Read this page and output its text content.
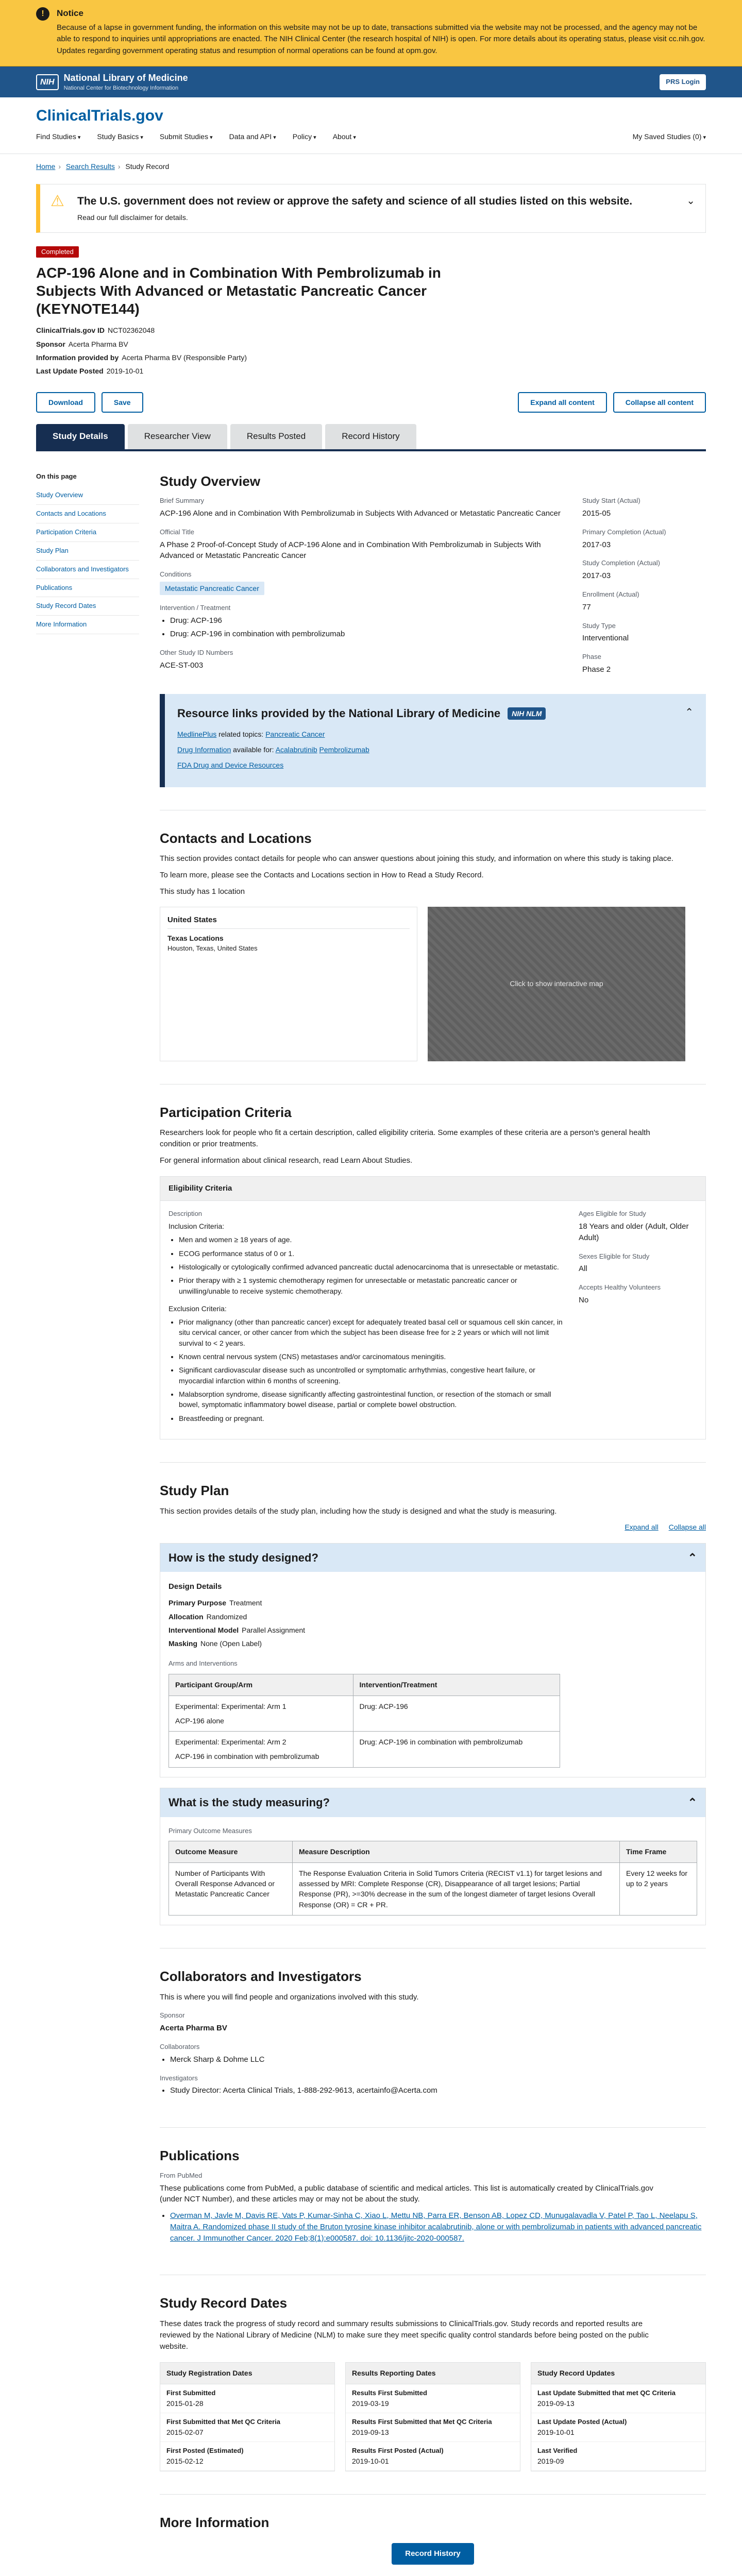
!	Notice

Because of a lapse in government funding, the information on this website may not be up to date, transactions submitted via the website may not be processed, and the agency may not be able to respond to inquiries until appropriations are enacted. The NIH Clinical Center (the research hospital of NIH) is open. For more details about its operating status, please visit cc.nih.gov. Updates regarding government operating status and resumption of normal operations can be found at opm.gov.

NIH	National Library of Medicine
National Center for Biotechnology Information
PRS Login
ClinicalTrials.gov
Find Studies ▾	Study Basics ▾	Submit Studies ▾	Data and API ▾	Policy ▾	About ▾	My Saved Studies (0) ▾
Home › Search Results › Study Record
⚠	The U.S. government does not review or approve the safety and science of all studies listed on this website.

Read our full disclaimer for details.

⌄
Completed
ACP-196 Alone and in Combination With Pembrolizumab in Subjects With Advanced or Metastatic Pancreatic Cancer (KEYNOTE144)
ClinicalTrials.gov ID NCT02362048
Sponsor Acerta Pharma BV
Information provided by Acerta Pharma BV (Responsible Party)
Last Update Posted 2019-10-01
Download	Save	Expand all content	Collapse all content
Study Details	Researcher View	Results Posted	Record History
On this page
Study Overview
Contacts and Locations
Participation Criteria
Study Plan
Collaborators and Investigators
Publications
Study Record Dates
More Information
Study Overview
Brief Summary
ACP-196 Alone and in Combination With Pembrolizumab in Subjects With Advanced or Metastatic Pancreatic Cancer
Official Title
A Phase 2 Proof-of-Concept Study of ACP-196 Alone and in Combination With Pembrolizumab in Subjects With Advanced or Metastatic Pancreatic Cancer
Conditions
Metastatic Pancreatic Cancer
Intervention / Treatment
• Drug: ACP-196
• Drug: ACP-196 in combination with pembrolizumab
Other Study ID Numbers
ACE-ST-003
Study Start (Actual)
2015-05
Primary Completion (Actual)
2017-03
Study Completion (Actual)
2017-03
Enrollment (Actual)
77
Study Type
Interventional
Phase
Phase 2
⌃
Resource links provided by the National Library of Medicine	NIH NLM

MedlinePlus related topics: Pancreatic Cancer

Drug Information available for: Acalabrutinib Pembrolizumab

FDA Drug and Device Resources

Contacts and Locations

This section provides contact details for people who can answer questions about joining this study, and information on where this study is taking place.

To learn more, please see the Contacts and Locations section in How to Read a Study Record.

This study has 1 location

United States
Texas Locations
Houston, Texas, United States
Click to show interactive map
Participation Criteria

Researchers look for people who fit a certain description, called eligibility criteria. Some examples of these criteria are a person's general health condition or prior treatments.

For general information about clinical research, read Learn About Studies.

Eligibility Criteria
Description
Inclusion Criteria:
• Men and women ≥ 18 years of age.
• ECOG performance status of 0 or 1.
• Histologically or cytologically confirmed advanced pancreatic ductal adenocarcinoma that is unresectable or metastatic.
• Prior therapy with ≥ 1 systemic chemotherapy regimen for unresectable or metastatic pancreatic cancer or unwilling/unable to receive systemic chemotherapy.
Exclusion Criteria:
• Prior malignancy (other than pancreatic cancer) except for adequately treated basal cell or squamous cell skin cancer, in situ cervical cancer, or other cancer from which the subject has been disease free for ≥ 2 years or which will not limit survival to < 2 years.
• Known central nervous system (CNS) metastases and/or carcinomatous meningitis.
• Significant cardiovascular disease such as uncontrolled or symptomatic arrhythmias, congestive heart failure, or myocardial infarction within 6 months of screening.
• Malabsorption syndrome, disease significantly affecting gastrointestinal function, or resection of the stomach or small bowel, symptomatic inflammatory bowel disease, partial or complete bowel obstruction.
• Breastfeeding or pregnant.
Ages Eligible for Study
18 Years and older (Adult, Older Adult)
Sexes Eligible for Study
All
Accepts Healthy Volunteers
No
Study Plan

This section provides details of the study plan, including how the study is designed and what the study is measuring.

Expand all Collapse all
How is the study designed?	⌃
Design Details
Primary Purpose Treatment
Allocation Randomized
Interventional Model Parallel Assignment
Masking None (Open Label)
Arms and Interventions
Participant Group/Arm	Intervention/Treatment

Experimental: Experimental: Arm 1
ACP-196 alone	Drug: ACP-196

Experimental: Experimental: Arm 2
ACP-196 in combination with pembrolizumab	Drug: ACP-196 in combination with pembrolizumab
What is the study measuring?	⌃
Primary Outcome Measures
Outcome Measure	Measure Description	Time Frame
Number of Participants With Overall Response Advanced or Metastatic Pancreatic Cancer	The Response Evaluation Criteria in Solid Tumors Criteria (RECIST v1.1) for target lesions and assessed by MRI: Complete Response (CR), Disappearance of all target lesions; Partial Response (PR), >=30% decrease in the sum of the longest diameter of target lesions Overall Response (OR) = CR + PR.	Every 12 weeks for up to 2 years
Collaborators and Investigators

This is where you will find people and organizations involved with this study.

Sponsor
Acerta Pharma BV
Collaborators
• Merck Sharp & Dohme LLC
Investigators
• Study Director: Acerta Clinical Trials, 1-888-292-9613, acertainfo@Acerta.com
Publications
From PubMed

These publications come from PubMed, a public database of scientific and medical articles. This list is automatically created by ClinicalTrials.gov (under NCT Number), and these articles may or may not be about the study.

• Overman M, Javle M, Davis RE, Vats P, Kumar-Sinha C, Xiao L, Mettu NB, Parra ER, Benson AB, Lopez CD, Munugalavadla V, Patel P, Tao L, Neelapu S, Maitra A. Randomized phase II study of the Bruton tyrosine kinase inhibitor acalabrutinib, alone or with pembrolizumab in patients with advanced pancreatic cancer. J Immunother Cancer. 2020 Feb;8(1):e000587. doi: 10.1136/jitc-2020-000587.
Study Record Dates

These dates track the progress of study record and summary results submissions to ClinicalTrials.gov. Study records and reported results are reviewed by the National Library of Medicine (NLM) to make sure they meet specific quality control standards before being posted on the public website.

Study Registration Dates
First Submitted
2015-01-28
First Submitted that Met QC Criteria
2015-02-07
First Posted (Estimated)
2015-02-12
Results Reporting Dates
Results First Submitted
2019-03-19
Results First Submitted that Met QC Criteria
2019-09-13
Results First Posted (Actual)
2019-10-01
Study Record Updates
Last Update Submitted that met QC Criteria
2019-09-13
Last Update Posted (Actual)
2019-10-01
Last Verified
2019-09
More Information
Record History
